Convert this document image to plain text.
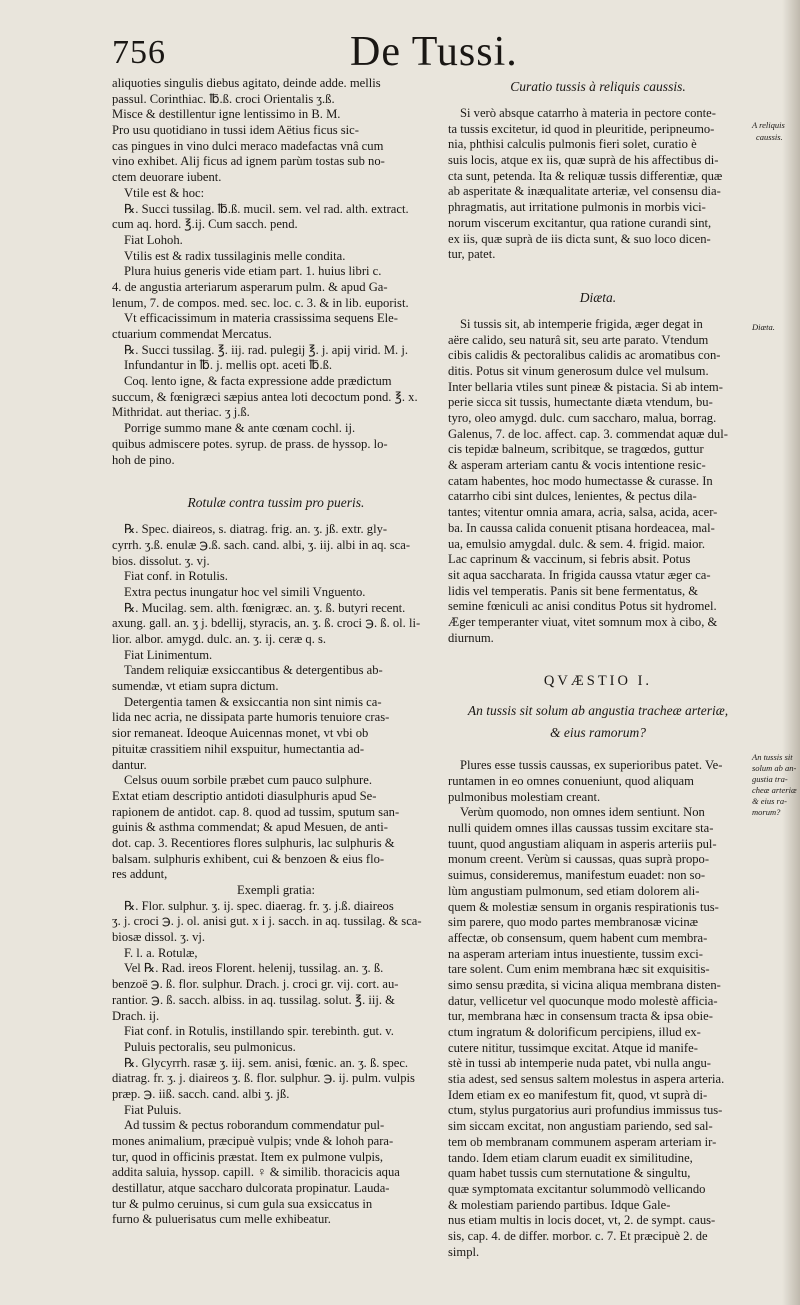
756	De Tussi.
aliquoties singulis diebus agitato, deinde adde. mellis
passul. Corinthiac. ℔.ß. croci Orientalis ʒ.ß.
Misce & destillentur igne lentissimo in B. M.
Pro usu quotidiano in tussi idem Aëtius ficus sic-
cas pingues in vino dulci meraco madefactas vnâ cum
vino exhibet. Alij ficus ad ignem parùm tostas sub no-
ctem deuorare iubent.
Vtile est & hoc:
℞. Succi tussilag. ℔.ß. mucil. sem. vel rad. alth. extract.
cum aq. hord. ℥.ij. Cum sacch. pend.
Fiat Lohoh.
Vtilis est & radix tussilaginis melle condita.
Plura huius generis vide etiam part. 1. huius libri c.
4. de angustia arteriarum asperarum pulm. & apud Ga-
lenum, 7. de compos. med. sec. loc. c. 3. & in lib. euporist.
Vt efficacissimum in materia crassissima sequens Ele-
ctuarium commendat Mercatus.
℞. Succi tussilag. ℥. iij. rad. pulegij ℥. j. apij virid. M. j.
Infundantur in ℔. j. mellis opt. aceti ℔.ß.
Coq. lento igne, & facta expressione adde prædictum
succum, & fœnigræci sæpius antea loti decoctum pond. ℥. x.
Mithridat. aut theriac. ʒ j.ß.
Porrige summo mane & ante cœnam cochl. ij.
quibus admiscere potes. syrup. de prass. de hyssop. lo-
hoh de pino.
Rotulæ contra tussim pro pueris.
℞. Spec. diaireos, s. diatrag. frig. an. ʒ. jß. extr. gly-
cyrrh. ʒ.ß. enulæ ℈.ß. sach. cand. albi, ʒ. iij. albi in aq. sca-
bios. dissolut. ʒ. vj.
Fiat conf. in Rotulis.
Extra pectus inungatur hoc vel simili Vnguento.
℞. Mucilag. sem. alth. fœnigræc. an. ʒ. ß. butyri recent.
axung. gall. an. ʒ j. bdellij, styracis, an. ʒ. ß. croci ℈. ß. ol. li-
lior. albor. amygd. dulc. an. ʒ. ij. ceræ q. s.
Fiat Linimentum.
Tandem reliquiæ exsiccantibus & detergentibus ab-
sumendæ, vt etiam supra dictum.
Detergentia tamen & exsiccantia non sint nimis ca-
lida nec acria, ne dissipata parte humoris tenuiore cras-
sior remaneat. Ideoque Auicennas monet, vt vbi ob
pituitæ crassitiem nihil exspuitur, humectantia ad-
dantur.
Celsus ouum sorbile præbet cum pauco sulphure.
Extat etiam descriptio antidoti diasulphuris apud Se-
rapionem de antidot. cap. 8. quod ad tussim, sputum san-
guinis & asthma commendat; & apud Mesuen, de anti-
dot. cap. 3. Recentiores flores sulphuris, lac sulphuris &
balsam. sulphuris exhibent, cui & benzoen & eius flo-
res addunt,
Exempli gratia:
℞. Flor. sulphur. ʒ. ij. spec. diaerag. fr. ʒ. j.ß. diaireos
ʒ. j. croci ℈. j. ol. anisi gut. x i j. sacch. in aq. tussilag. & sca-
biosæ dissol. ʒ. vj.
F. l. a. Rotulæ,
Vel ℞. Rad. ireos Florent. helenij, tussilag. an. ʒ. ß.
benzoë ℈. ß. flor. sulphur. Drach. j. croci gr. vij. cort. au-
rantior. ℈. ß. sacch. albiss. in aq. tussilag. solut. ℥. iij. &
Drach. ij.
Fiat conf. in Rotulis, instillando spir. terebinth. gut. v.
Puluis pectoralis, seu pulmonicus.
℞. Glycyrrh. rasæ ʒ. iij. sem. anisi, fœnic. an. ʒ. ß. spec.
diatrag. fr. ʒ. j. diaireos ʒ. ß. flor. sulphur. ℈. ij. pulm. vulpis
præp. ℈. iiß. sacch. cand. albi ʒ. jß.
Fiat Puluis.
Ad tussim & pectus roborandum commendatur pul-
mones animalium, præcipuè vulpis; vnde & lohoh para-
tur, quod in officinis præstat. Item ex pulmone vulpis,
addita saluia, hyssop. capill. ♀ & similib. thoracicis aqua
destillatur, atque saccharo dulcorata propinatur. Lauda-
tur & pulmo ceruinus, si cum gula sua exsiccatus in
furno & puluerisatus cum melle exhibeatur.
Curatio tussis à reliquis caussis.
Si verò absque catarrho à materia in pectore conte-
ta tussis excitetur, id quod in pleuritide, peripneumo-
nia, phthisi calculis pulmonis fieri solet, curatio è
suis locis, atque ex iis, quæ suprà de his affectibus di-
cta sunt, petenda. Ita & reliquæ tussis differentiæ, quæ
ab asperitate & inæqualitate arteriæ, vel consensu dia-
phragmatis, aut irritatione pulmonis in morbis vici-
norum viscerum excitantur, qua ratione curandi sint,
ex iis, quæ suprà de iis dicta sunt, & suo loco dicen-
tur, patet.
Diæta.
Si tussis sit, ab intemperie frigida, æger degat in
aëre calido, seu naturâ sit, seu arte parato. Vtendum
cibis calidis & pectoralibus calidis ac aromatibus con-
ditis. Potus sit vinum generosum dulce vel mulsum.
Inter bellaria vtiles sunt pineæ & pistacia. Si ab intem-
perie sicca sit tussis, humectante diæta vtendum, bu-
tyro, oleo amygd. dulc. cum saccharo, malua, borrag.
Galenus, 7. de loc. affect. cap. 3. commendat aquæ dul-
cis tepidæ balneum, scribitque, se tragœdos, guttur
& asperam arteriam cantu & vocis intentione resic-
catam habentes, hoc modo humectasse & curasse. In
catarrho cibi sint dulces, lenientes, & pectus dila-
tantes; vitentur omnia amara, acria, salsa, acida, acer-
ba. In caussa calida conuenit ptisana hordeacea, mal-
ua, emulsio amygdal. dulc. & sem. 4. frigid. maior.
Lac caprinum & vaccinum, si febris absit. Potus
sit aqua saccharata. In frigida caussa vtatur æger ca-
lidis vel temperatis. Panis sit bene fermentatus, &
semine fœniculi ac anisi conditus Potus sit hydromel.
Æger temperanter viuat, vitet somnum mox à cibo, &
diurnum.
QVÆSTIO I.
An tussis sit solum ab angustia tracheæ arteriæ,
& eius ramorum?
Plures esse tussis caussas, ex superioribus patet. Ve-
runtamen in eo omnes conueniunt, quod aliquam
pulmonibus molestiam creant.
Verùm quomodo, non omnes idem sentiunt. Non
nulli quidem omnes illas caussas tussim excitare sta-
tuunt, quod angustiam aliquam in asperis arteriis pul-
monum creent. Verùm si caussas, quas suprà propo-
suimus, consideremus, manifestum euadet: non so-
lùm angustiam pulmonum, sed etiam dolorem ali-
quem & molestiæ sensum in organis respirationis tus-
sim parere, quo modo partes membranosæ vicinæ
affectæ, ob consensum, quem habent cum membra-
na asperam arteriam intus inuestiente, tussim exci-
tare solent. Cum enim membrana hæc sit exquisitis-
simo sensu prædita, si vicina aliqua membrana disten-
datur, vellicetur vel quocunque modo molestè afficia-
tur, membrana hæc in consensum tracta & ipsa obie-
ctum ingratum & dolorificum percipiens, illud ex-
cutere nititur, tussimque excitat. Atque id manife-
stè in tussi ab intemperie nuda patet, vbi nulla angu-
stia adest, sed sensus saltem molestus in aspera arteria.
Idem etiam ex eo manifestum fit, quod, vt suprà di-
ctum, stylus purgatorius auri profundius immissus tus-
sim siccam excitat, non angustiam pariendo, sed sal-
tem ob membranam communem asperam arteriam ir-
tando. Idem etiam clarum euadit ex similitudine,
quam habet tussis cum sternutatione & singultu,
quæ symptomata excitantur solummodò vellicando
& molestiam pariendo partibus. Idque Gale-
nus etiam multis in locis docet, vt, 2. de sympt. caus-
sis, cap. 4. de differ. morbor. c. 7. Et præcipuè 2. de
simpl.
A reliquis
caussis.
Diæta.
An tussis sit
solum ab an-
gustia tra-
cheæ arteriæ
& eius ra-
morum?
